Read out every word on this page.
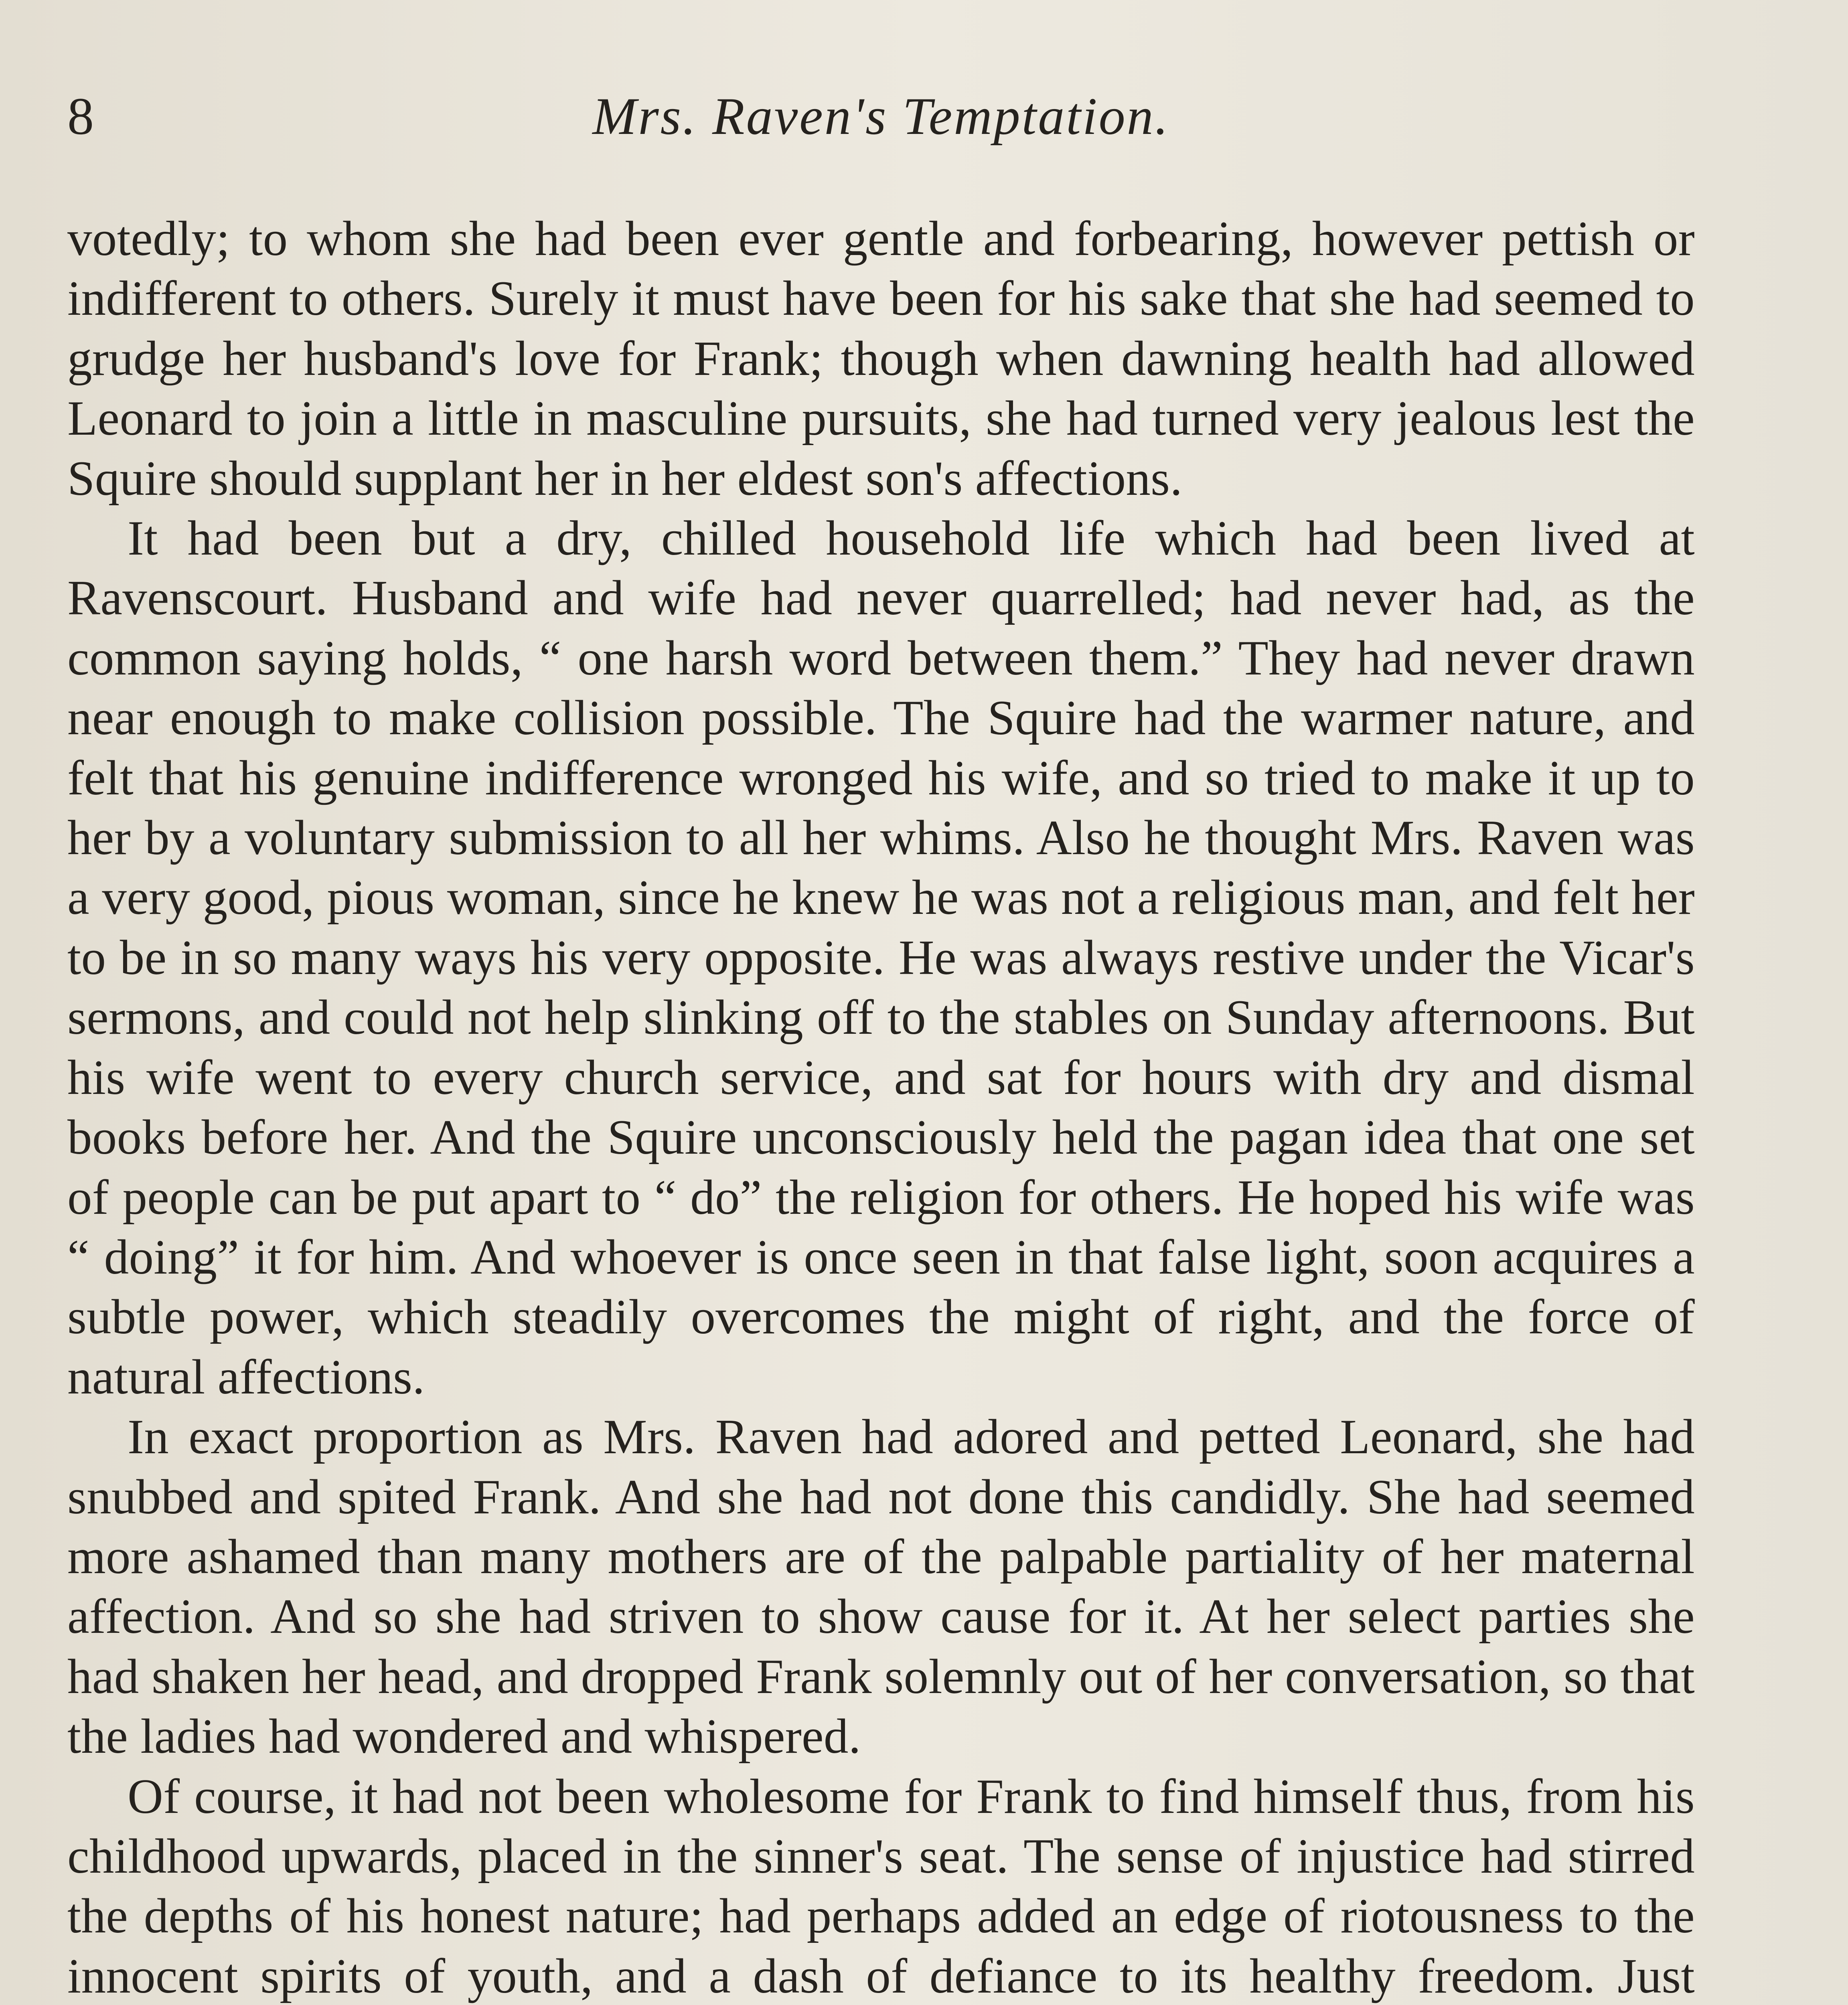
8	Mrs. Raven's Temptation.

votedly; to whom she had been ever gentle and forbearing, however pettish or indifferent to others. Surely it must have been for his sake that she had seemed to grudge her husband's love for Frank; though when dawning health had allowed Leonard to join a little in masculine pursuits, she had turned very jealous lest the Squire should supplant her in her eldest son's affections.

It had been but a dry, chilled household life which had been lived at Ravenscourt. Husband and wife had never quarrelled; had never had, as the common saying holds, “ one harsh word between them.” They had never drawn near enough to make collision possible. The Squire had the warmer nature, and felt that his genuine indifference wronged his wife, and so tried to make it up to her by a voluntary submission to all her whims. Also he thought Mrs. Raven was a very good, pious woman, since he knew he was not a religious man, and felt her to be in so many ways his very opposite. He was always restive under the Vicar's sermons, and could not help slinking off to the stables on Sunday afternoons. But his wife went to every church service, and sat for hours with dry and dismal books before her. And the Squire unconsciously held the pagan idea that one set of people can be put apart to “ do” the religion for others. He hoped his wife was “ doing” it for him. And whoever is once seen in that false light, soon acquires a subtle power, which steadily overcomes the might of right, and the force of natural affections.

In exact proportion as Mrs. Raven had adored and petted Leonard, she had snubbed and spited Frank. And she had not done this candidly. She had seemed more ashamed than many mothers are of the palpable partiality of her maternal affection. And so she had striven to show cause for it. At her select parties she had shaken her head, and dropped Frank solemnly out of her conversation, so that the ladies had wondered and whispered.

Of course, it had not been wholesome for Frank to find himself thus, from his childhood upwards, placed in the sinner's seat. The sense of injustice had stirred the depths of his honest nature; had perhaps added an edge of riotousness to the innocent spirits of youth, and a dash of defiance to its healthy freedom. Just
